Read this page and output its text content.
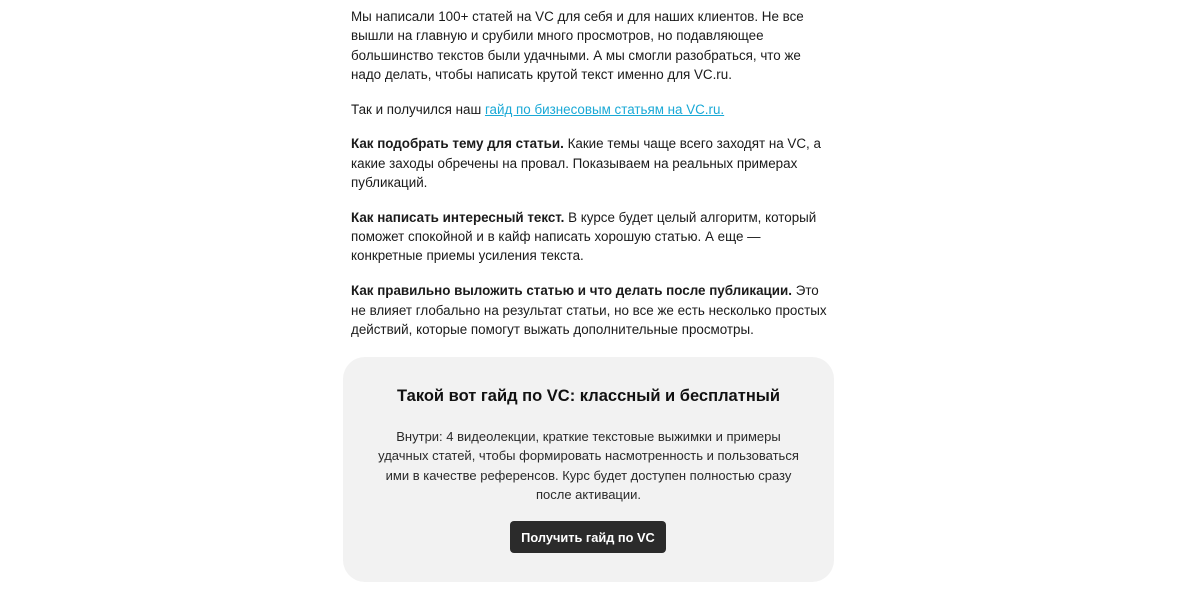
Мы написали 100+ статей на VC для себя и для наших клиентов. Не все вышли на главную и срубили много просмотров, но подавляющее большинство текстов были удачными. А мы смогли разобраться, что же надо делать, чтобы написать крутой текст именно для VC.ru.

Так и получился наш гайд по бизнесовым статьям на VC.ru.

Как подобрать тему для статьи. Какие темы чаще всего заходят на VC, а какие заходы обречены на провал. Показываем на реальных примерах публикаций.

Как написать интересный текст. В курсе будет целый алгоритм, который поможет спокойной и в кайф написать хорошую статью. А еще — конкретные приемы усиления текста.

Как правильно выложить статью и что делать после публикации. Это не влияет глобально на результат статьи, но все же есть несколько простых действий, которые помогут выжать дополнительные просмотры.

Такой вот гайд по VC: классный и бесплатный
Внутри: 4 видеолекции, краткие текстовые выжимки и примеры удачных статей, чтобы формировать насмотренность и пользоваться ими в качестве референсов. Курс будет доступен полностью сразу после активации.
Получить гайд по VC
